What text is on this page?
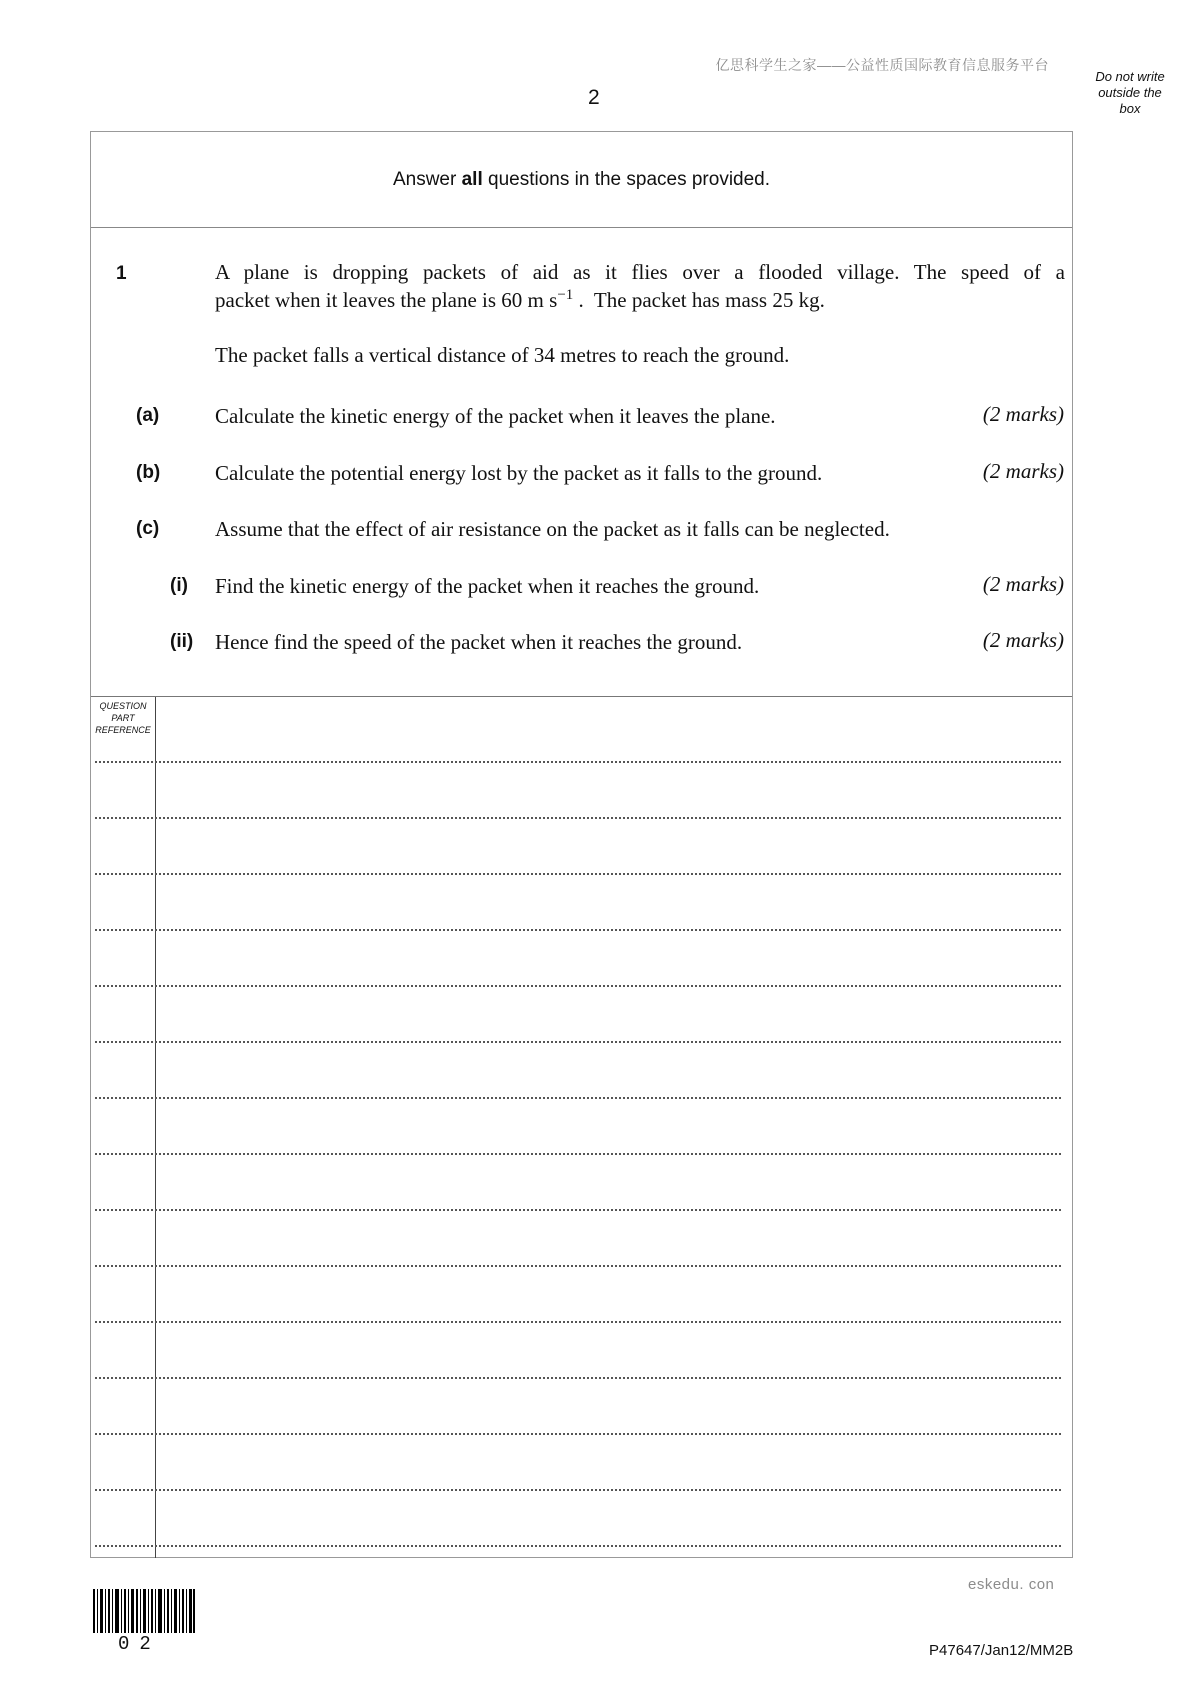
亿思科学生之家——公益性质国际教育信息服务平台
2
Do not write
outside the
box
Answer all questions in the spaces provided.
1	A plane is dropping packets of aid as it flies over a flooded village. The speed of a
packet when it leaves the plane is 60 m $s^{-1}$ .  The packet has mass 25 kg.
The packet falls a vertical distance of 34 metres to reach the ground.
(a)	Calculate the kinetic energy of the packet when it leaves the plane.	(2 marks)
(b)	Calculate the potential energy lost by the packet as it falls to the ground.	(2 marks)
(c)	Assume that the effect of air resistance on the packet as it falls can be neglected.
(i) Find the kinetic energy of the packet when it reaches the ground.	(2 marks)
(ii) Hence find the speed of the packet when it reaches the ground.	(2 marks)
QUESTION
PART
REFERENCE
eskedu. con
02	P47647/Jan12/MM2B
